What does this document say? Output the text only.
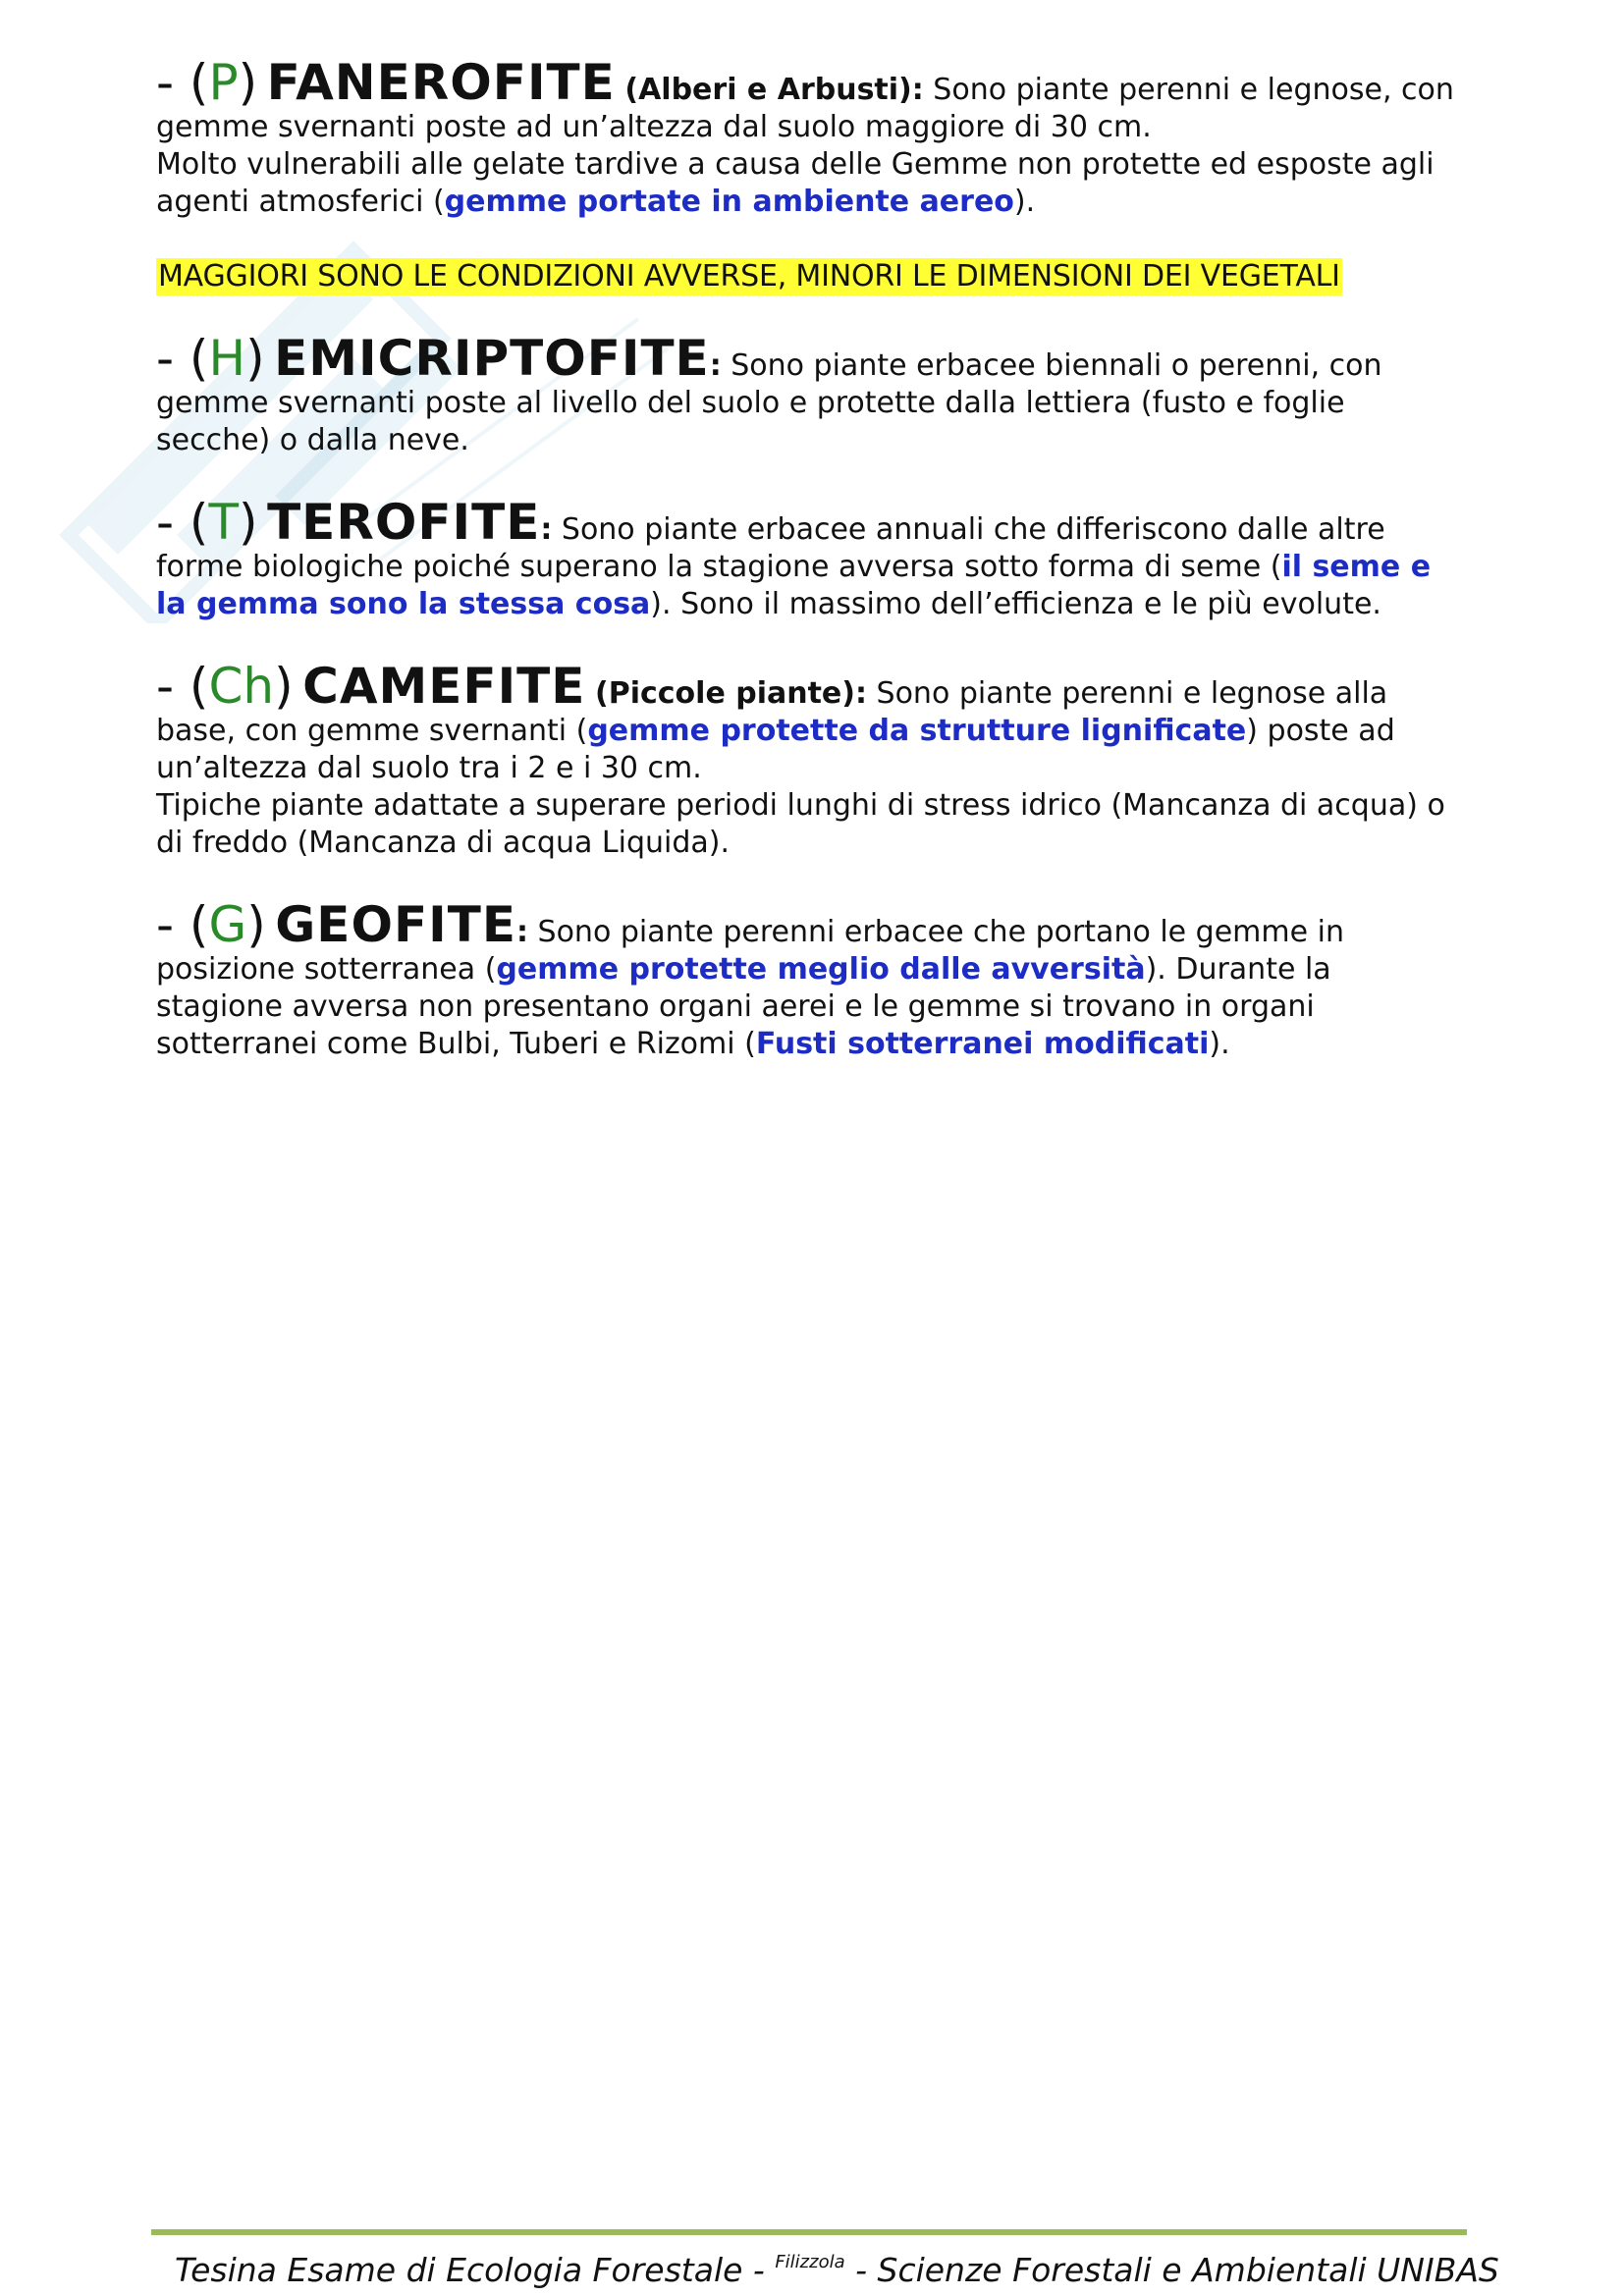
- (P) FANEROFITE (Alberi e Arbusti): Sono piante perenni e legnose, con gemme svernanti poste ad un’altezza dal suolo maggiore di 30 cm.
Molto vulnerabili alle gelate tardive a causa delle Gemme non protette ed esposte agli agenti atmosferici (gemme portate in ambiente aereo).

MAGGIORI SONO LE CONDIZIONI AVVERSE, MINORI LE DIMENSIONI DEI VEGETALI

- (H) EMICRIPTOFITE: Sono piante erbacee biennali o perenni, con gemme svernanti poste al livello del suolo e protette dalla lettiera (fusto e foglie secche) o dalla neve.

- (T) TEROFITE: Sono piante erbacee annuali che differiscono dalle altre forme biologiche poiché superano la stagione avversa sotto forma di seme (il seme e la gemma sono la stessa cosa). Sono il massimo dell’efficienza e le più evolute.

- (Ch) CAMEFITE (Piccole piante): Sono piante perenni e legnose alla base, con gemme svernanti (gemme protette da strutture lignificate) poste ad un’altezza dal suolo tra i 2 e i 30 cm.
Tipiche piante adattate a superare periodi lunghi di stress idrico (Mancanza di acqua) o di freddo (Mancanza di acqua Liquida).

- (G) GEOFITE: Sono piante perenni erbacee che portano le gemme in posizione sotterranea (gemme protette meglio dalle avversità). Durante la stagione avversa non presentano organi aerei e le gemme si trovano in organi sotterranei come Bulbi, Tuberi e Rizomi (Fusti sotterranei modificati).

Tesina Esame di Ecologia Forestale - $^{Filizzola}$ - Scienze Forestali e Ambientali UNIBAS
